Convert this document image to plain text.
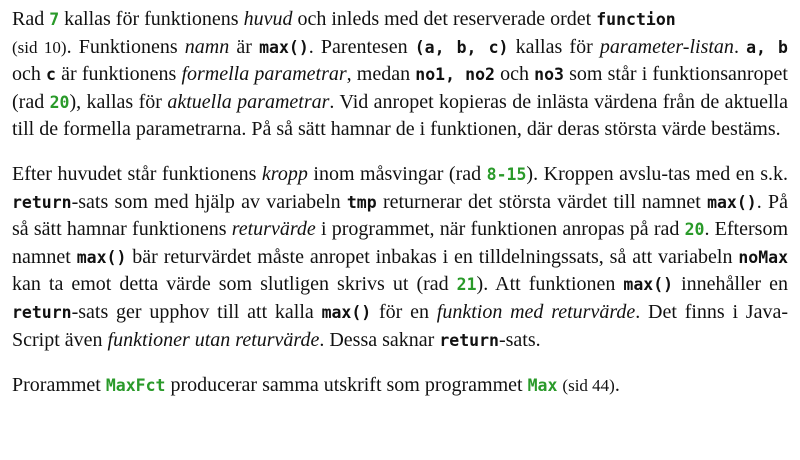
Rad 7 kallas för funktionens huvud och inleds med det reserverade ordet function
(sid 10). Funktionens namn är max(). Parentesen (a, b, c) kallas för parameter-listan. a, b och c är funktionens formella parametrar, medan no1, no2 och no3 som står i funktionsanropet (rad 20), kallas för aktuella parametrar. Vid anropet kopieras de inlästa värdena från de aktuella till de formella parametrarna. På så sätt hamnar de i funktionen, där deras största värde bestäms.

Efter huvudet står funktionens kropp inom måsvingar (rad 8-15). Kroppen avslu-tas med en s.k. return-sats som med hjälp av variabeln tmp returnerar det största värdet till namnet max(). På så sätt hamnar funktionens returvärde i programmet, när funktionen anropas på rad 20. Eftersom namnet max() bär returvärdet måste anropet inbakas i en tilldelningssats, så att variabeln noMax kan ta emot detta värde som slutligen skrivs ut (rad 21). Att funktionen max() innehåller en return-sats ger upphov till att kalla max() för en funktion med returvärde. Det finns i Java-Script även funktioner utan returvärde. Dessa saknar return-sats.

Proramm​et MaxFct producerar samma utskrift som programmet Max (sid 44).
